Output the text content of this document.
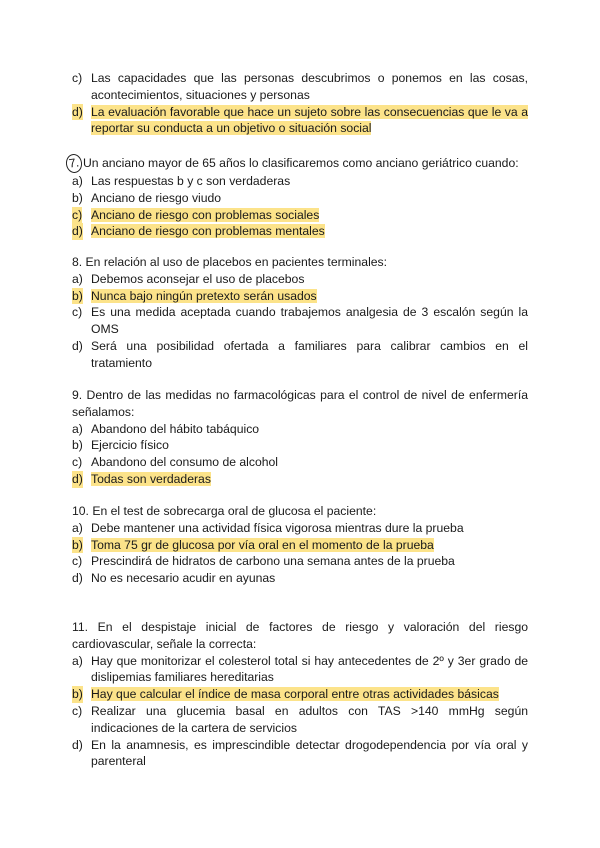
c) Las capacidades que las personas descubrimos o ponemos en las cosas, acontecimientos, situaciones y personas
d) La evaluación favorable que hace un sujeto sobre las consecuencias que le va a reportar su conducta a un objetivo o situación social
7. Un anciano mayor de 65 años lo clasificaremos como anciano geriátrico cuando:
a) Las respuestas b y c son verdaderas
b) Anciano de riesgo viudo
c) Anciano de riesgo con problemas sociales
d) Anciano de riesgo con problemas mentales
8. En relación al uso de placebos en pacientes terminales:
a) Debemos aconsejar el uso de placebos
b) Nunca bajo ningún pretexto serán usados
c) Es una medida aceptada cuando trabajemos analgesia de 3 escalón según la OMS
d) Será una posibilidad ofertada a familiares para calibrar cambios en el tratamiento
9. Dentro de las medidas no farmacológicas para el control de nivel de enfermería señalamos:
a) Abandono del hábito tabáquico
b) Ejercicio físico
c) Abandono del consumo de alcohol
d) Todas son verdaderas
10. En el test de sobrecarga oral de glucosa el paciente:
a) Debe mantener una actividad física vigorosa mientras dure la prueba
b) Toma 75 gr de glucosa por vía oral en el momento de la prueba
c) Prescindirá de hidratos de carbono una semana antes de la prueba
d) No es necesario acudir en ayunas
11. En el despistaje inicial de factores de riesgo y valoración del riesgo cardiovascular, señale la correcta:
a) Hay que monitorizar el colesterol total si hay antecedentes de 2º y 3er grado de dislipemias familiares hereditarias
b) Hay que calcular el índice de masa corporal entre otras actividades básicas
c) Realizar una glucemia basal en adultos con TAS >140 mmHg según indicaciones de la cartera de servicios
d) En la anamnesis, es imprescindible detectar drogodependencia por vía oral y parenteral
